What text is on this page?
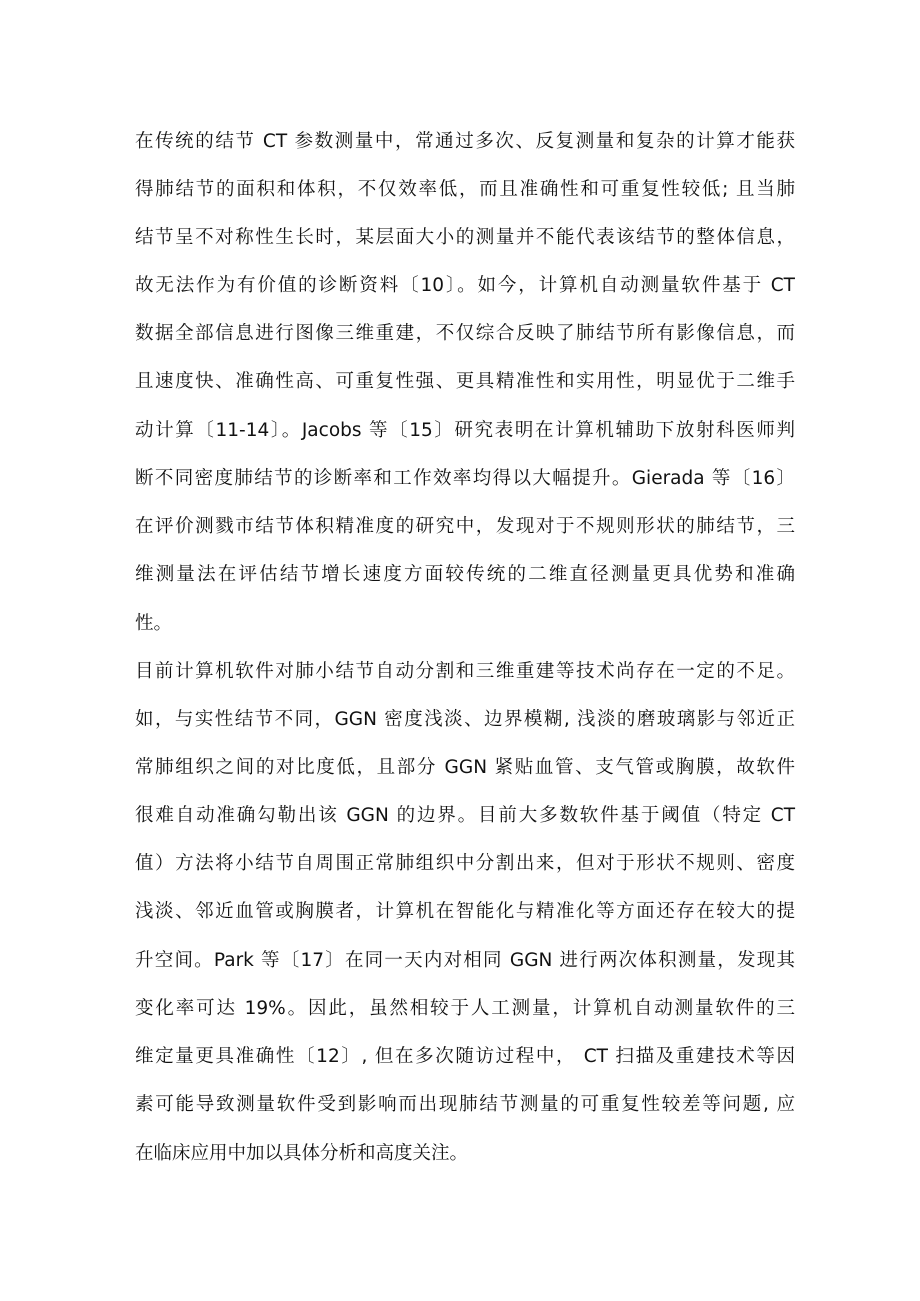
在传统的结节 CT 参数测量中，常通过多次、反复测量和复杂的计算才能获
得肺结节的面积和体积，不仅效率低，而且准确性和可重复性较低; 且当肺
结节呈不对称性生长时，某层面大小的测量并不能代表该结节的整体信息，
故无法作为有价值的诊断资料〔10〕。如今，计算机自动测量软件基于 CT
数据全部信息进行图像三维重建，不仅综合反映了肺结节所有影像信息，而
且速度快、准确性高、可重复性强、更具精准性和实用性，明显优于二维手
动计算〔11-14〕。Jacobs 等〔15〕研究表明在计算机辅助下放射科医师判
断不同密度肺结节的诊断率和工作效率均得以大幅提升。Gierada 等〔16〕
在评价测戮市结节体积精准度的研究中，发现对于不规则形状的肺结节，三
维测量法在评估结节增长速度方面较传统的二维直径测量更具优势和准确
性。
目前计算机软件对肺小结节自动分割和三维重建等技术尚存在一定的不足。
如，与实性结节不同，GGN 密度浅淡、边界模糊, 浅淡的磨玻璃影与邻近正
常肺组织之间的对比度低，且部分 GGN 紧贴血管、支气管或胸膜，故软件
很难自动准确勾勒出该 GGN 的边界。目前大多数软件基于阈值（特定 CT
值）方法将小结节自周围正常肺组织中分割出来，但对于形状不规则、密度
浅淡、邻近血管或胸膜者，计算机在智能化与精准化等方面还存在较大的提
升空间。Park 等〔17〕在同一天内对相同 GGN 进行两次体积测量，发现其
变化率可达 19%。因此，虽然相较于人工测量，计算机自动测量软件的三
维定量更具准确性〔12〕, 但在多次随访过程中， CT 扫描及重建技术等因
素可能导致测量软件受到影响而出现肺结节测量的可重复性较差等问题, 应
在临床应用中加以具体分析和高度关注。
